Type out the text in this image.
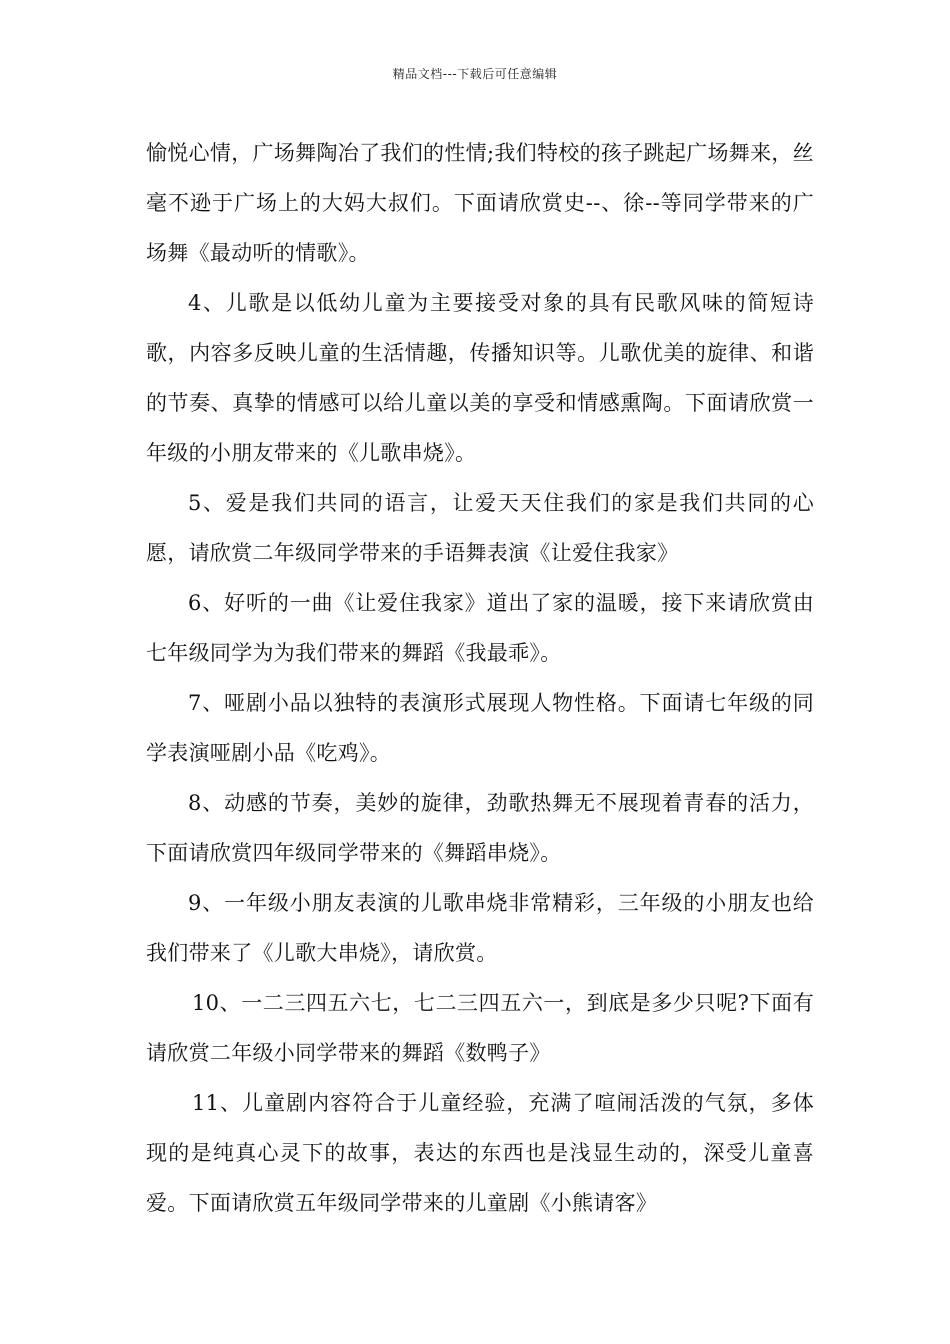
精品文档---下载后可任意编辑

愉悦心情，广场舞陶冶了我们的性情;我们特校的孩子跳起广场舞来，丝毫不逊于广场上的大妈大叔们。下面请欣赏史--、徐--等同学带来的广场舞《最动听的情歌》。

4、儿歌是以低幼儿童为主要接受对象的具有民歌风味的简短诗歌，内容多反映儿童的生活情趣，传播知识等。儿歌优美的旋律、和谐的节奏、真挚的情感可以给儿童以美的享受和情感熏陶。下面请欣赏一年级的小朋友带来的《儿歌串烧》。

5、爱是我们共同的语言，让爱天天住我们的家是我们共同的心愿，请欣赏二年级同学带来的手语舞表演《让爱住我家》

6、好听的一曲《让爱住我家》道出了家的温暖，接下来请欣赏由七年级同学为为我们带来的舞蹈《我最乖》。

7、哑剧小品以独特的表演形式展现人物性格。下面请七年级的同学表演哑剧小品《吃鸡》。

8、动感的节奏，美妙的旋律，劲歌热舞无不展现着青春的活力，下面请欣赏四年级同学带来的《舞蹈串烧》。

9、一年级小朋友表演的儿歌串烧非常精彩，三年级的小朋友也给我们带来了《儿歌大串烧》，请欣赏。

10、一二三四五六七，七二三四五六一，到底是多少只呢?下面有请欣赏二年级小同学带来的舞蹈《数鸭子》

11、儿童剧内容符合于儿童经验，充满了喧闹活泼的气氛，多体现的是纯真心灵下的故事，表达的东西也是浅显生动的，深受儿童喜爱。下面请欣赏五年级同学带来的儿童剧《小熊请客》
